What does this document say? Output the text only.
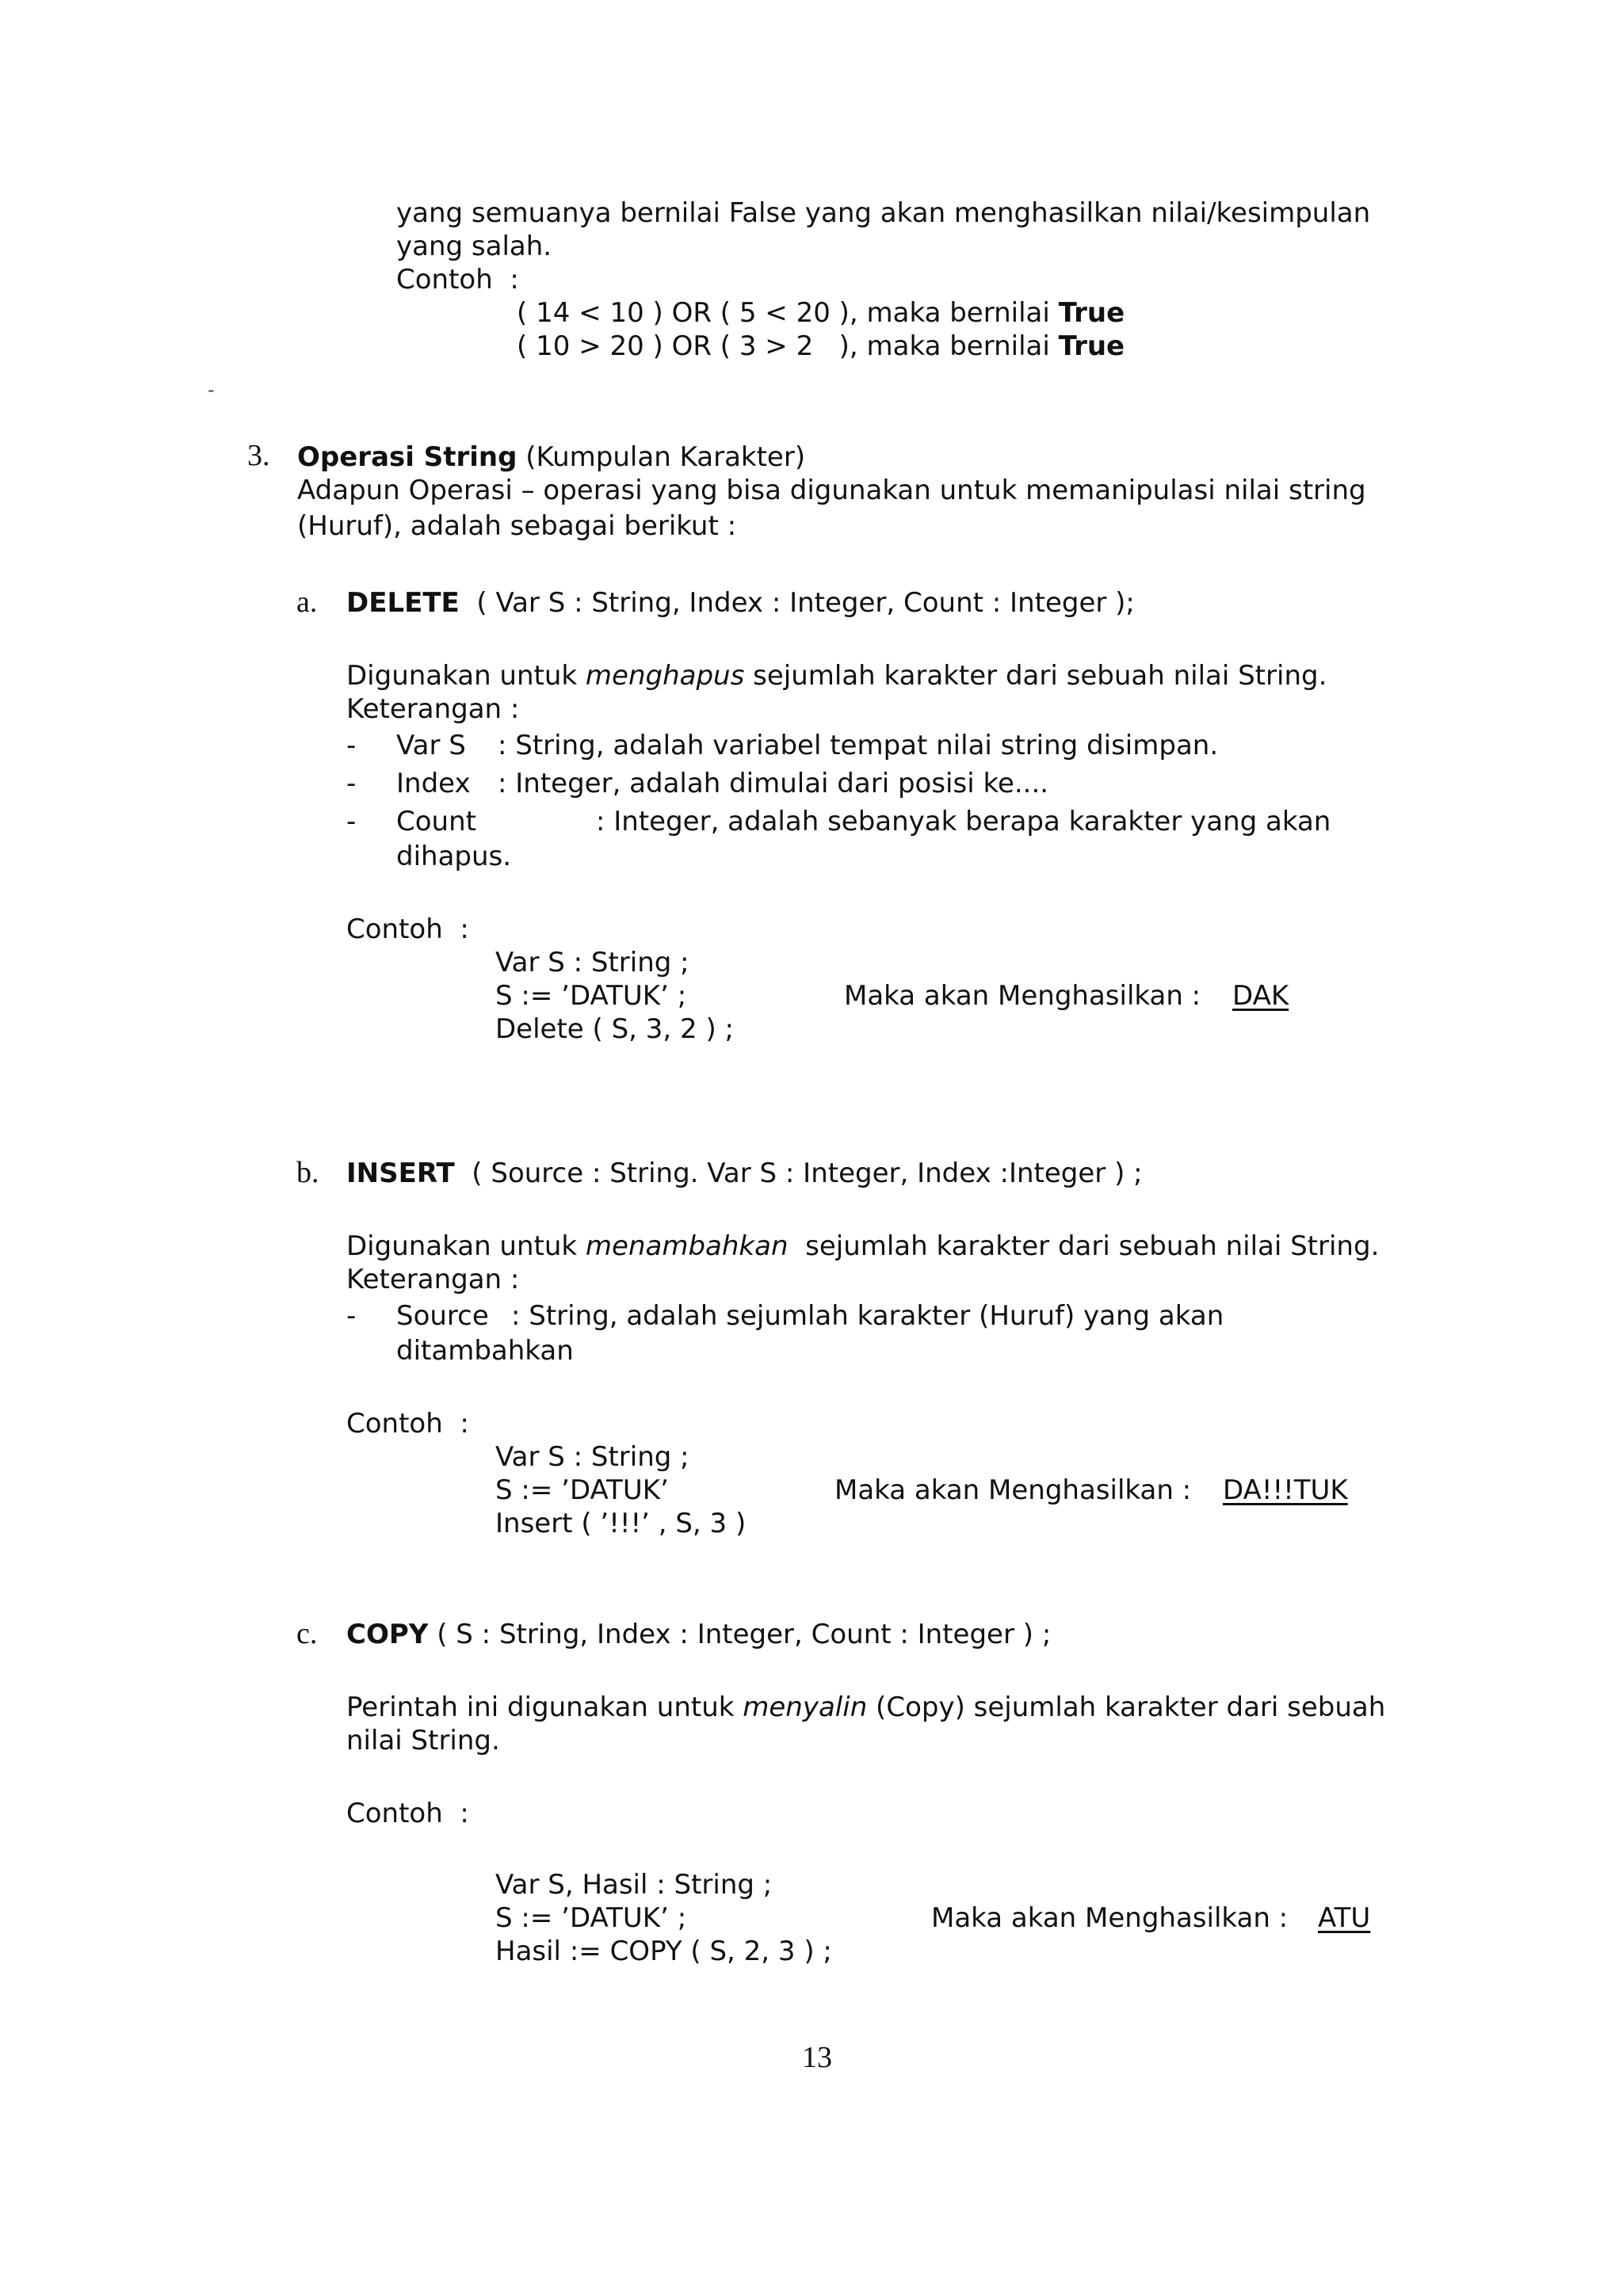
yang semuanya bernilai False yang akan menghasilkan nilai/kesimpulan
yang salah.
Contoh  :
( 14 < 10 ) OR ( 5 < 20 ), maka bernilai True
( 10 > 20 ) OR ( 3 > 2   ), maka bernilai True
-
3. Operasi String (Kumpulan Karakter)
Adapun Operasi – operasi yang bisa digunakan untuk memanipulasi nilai string
(Huruf), adalah sebagai berikut :
a. DELETE  ( Var S : String, Index : Integer, Count : Integer );
Digunakan untuk menghapus sejumlah karakter dari sebuah nilai String.
Keterangan :
- Var S : String, adalah variabel tempat nilai string disimpan.
- Index : Integer, adalah dimulai dari posisi ke....
- Count	: Integer, adalah sebanyak berapa karakter yang akan
dihapus.
Contoh  :
Var S : String ;
S := ’DATUK’ ;
Delete ( S, 3, 2 ) ;
Maka akan Menghasilkan : DAK
b. INSERT  ( Source : String. Var S : Integer, Index :Integer ) ;
Digunakan untuk menambahkan  sejumlah karakter dari sebuah nilai String.
Keterangan :
- Source : String, adalah sejumlah karakter (Huruf) yang akan
ditambahkan
Contoh  :
Var S : String ;
S := ’DATUK’
Insert ( ’!!!’ , S, 3 )
Maka akan Menghasilkan : DA!!!TUK
c. COPY ( S : String, Index : Integer, Count : Integer ) ;
Perintah ini digunakan untuk menyalin (Copy) sejumlah karakter dari sebuah
nilai String.
Contoh  :
Var S, Hasil : String ;
S := ’DATUK’ ;
Hasil := COPY ( S, 2, 3 ) ;
Maka akan Menghasilkan : ATU
13
